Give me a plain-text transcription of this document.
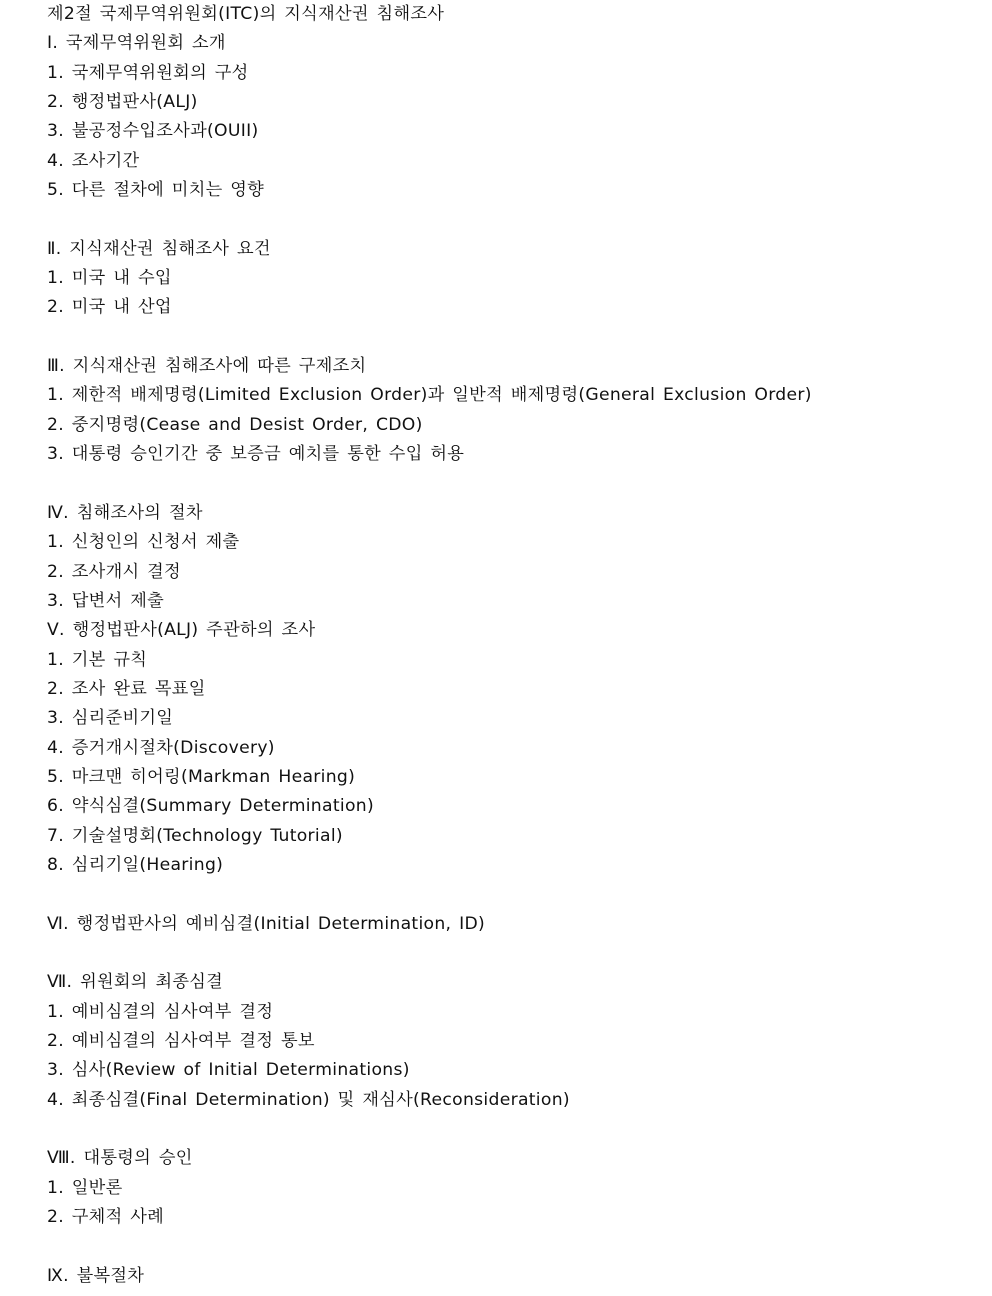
제2절 국제무역위원회(ITC)의 지식재산권 침해조사
Ⅰ. 국제무역위원회 소개
1. 국제무역위원회의 구성
2. 행정법판사(ALJ)
3. 불공정수입조사과(OUII)
4. 조사기간
5. 다른 절차에 미치는 영향
Ⅱ. 지식재산권 침해조사 요건
1. 미국 내 수입
2. 미국 내 산업
Ⅲ. 지식재산권 침해조사에 따른 구제조치
1. 제한적 배제명령(Limited Exclusion Order)과 일반적 배제명령(General Exclusion Order)
2. 중지명령(Cease and Desist Order, CDO)
3. 대통령 승인기간 중 보증금 예치를 통한 수입 허용
Ⅳ. 침해조사의 절차
1. 신청인의 신청서 제출
2. 조사개시 결정
3. 답변서 제출
Ⅴ. 행정법판사(ALJ) 주관하의 조사
1. 기본 규칙
2. 조사 완료 목표일
3. 심리준비기일
4. 증거개시절차(Discovery)
5. 마크맨 히어링(Markman Hearing)
6. 약식심결(Summary Determination)
7. 기술설명회(Technology Tutorial)
8. 심리기일(Hearing)
Ⅵ. 행정법판사의 예비심결(Initial Determination, ID)
Ⅶ. 위원회의 최종심결
1. 예비심결의 심사여부 결정
2. 예비심결의 심사여부 결정 통보
3. 심사(Review of Initial Determinations)
4. 최종심결(Final Determination) 및 재심사(Reconsideration)
Ⅷ. 대통령의 승인
1. 일반론
2. 구체적 사례
Ⅸ. 불복절차
